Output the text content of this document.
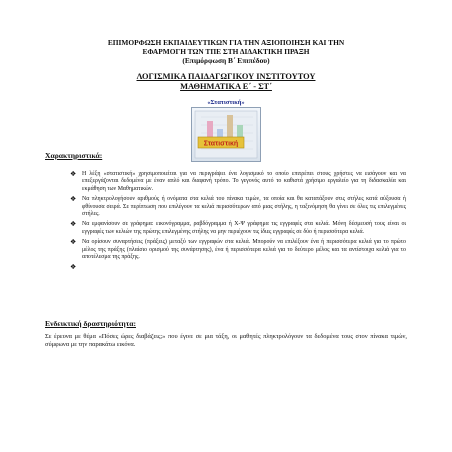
ΕΠΙΜΟΡΦΩΣΗ ΕΚΠΑΙΔΕΥΤΙΚΩΝ ΓΙΑ ΤΗΝ ΑΞΙΟΠΟΙΗΣΗ ΚΑΙ ΤΗΝ
ΕΦΑΡΜΟΓΗ ΤΩΝ ΤΠΕ ΣΤΗ ΔΙΔΑΚΤΙΚΗ ΠΡΑΞΗ
(Επιμόρφωση Β΄ Επιπέδου)
ΛΟΓΙΣΜΙΚΑ ΠΑΙΔΑΓΩΓΙΚΟΥ ΙΝΣΤΙΤΟΥΤΟΥ
ΜΑΘΗΜΑΤΙΚΑ Ε΄ - ΣΤ΄
«Στατιστική»
Στατιστική
Χαρακτηριστικά:
❖ Η λέξη «στατιστική» χρησιμοποιείται για να περιγράψει ένα λογισμικό το οποίο επιτρέπει στους χρήστες να εισάγουν και να επεξεργάζονται δεδομένα με έναν απλό και διαφανή τρόπο. Το γεγονός αυτό το καθιστά χρήσιμο εργαλείο για τη διδασκαλία και εκμάθηση των Μαθηματικών.
❖ Να πληκτρολογήσουν αριθμούς ή ονόματα στα κελιά του πίνακα τιμών, τα οποία και θα κατατάξουν στις στήλες κατά αύξουσα ή φθίνουσα σειρά. Σε περίπτωση που επιλέγουν τα κελιά περισσότερων από μιας στήλης, η ταξινόμηση θα γίνει σε όλες τις επιλεγμένες στήλες.
❖ Να εμφανίσουν σε γράφημα: εικονόγραμμα, ραβδόγραμμα ή Χ-Ψ γράφημα τις εγγραφές στα κελιά. Μόνη δέσμευσή τους είναι οι εγγραφές των κελιών της πρώτης επιλεγμένης στήλης να μην περιέχουν τις ίδιες εγγραφές σε δύο ή περισσότερα κελιά.
❖ Να ορίσουν συναρτήσεις (πράξεις) μεταξύ των εγγραφών στα κελιά. Μπορούν να επιλέξουν ένα ή περισσότερα κελιά για το πρώτο μέλος της πράξης (πλαίσιο ορισμού της συνάρτησης), ένα ή περισσότερα κελιά για το δεύτερο μέλος και τα αντίστοιχα κελιά για το αποτέλεσμα της πράξης.
❖
Ενδεικτική δραστηριότητα:
Σε έρευνα με θέμα «Πόσες ώρες διαβάζεις;» που έγινε σε μια τάξη, οι μαθητές πληκτρολόγουν τα δεδομένα τους στον πίνακα τιμών, σύμφωνα με την παρακάτω εικόνα.
